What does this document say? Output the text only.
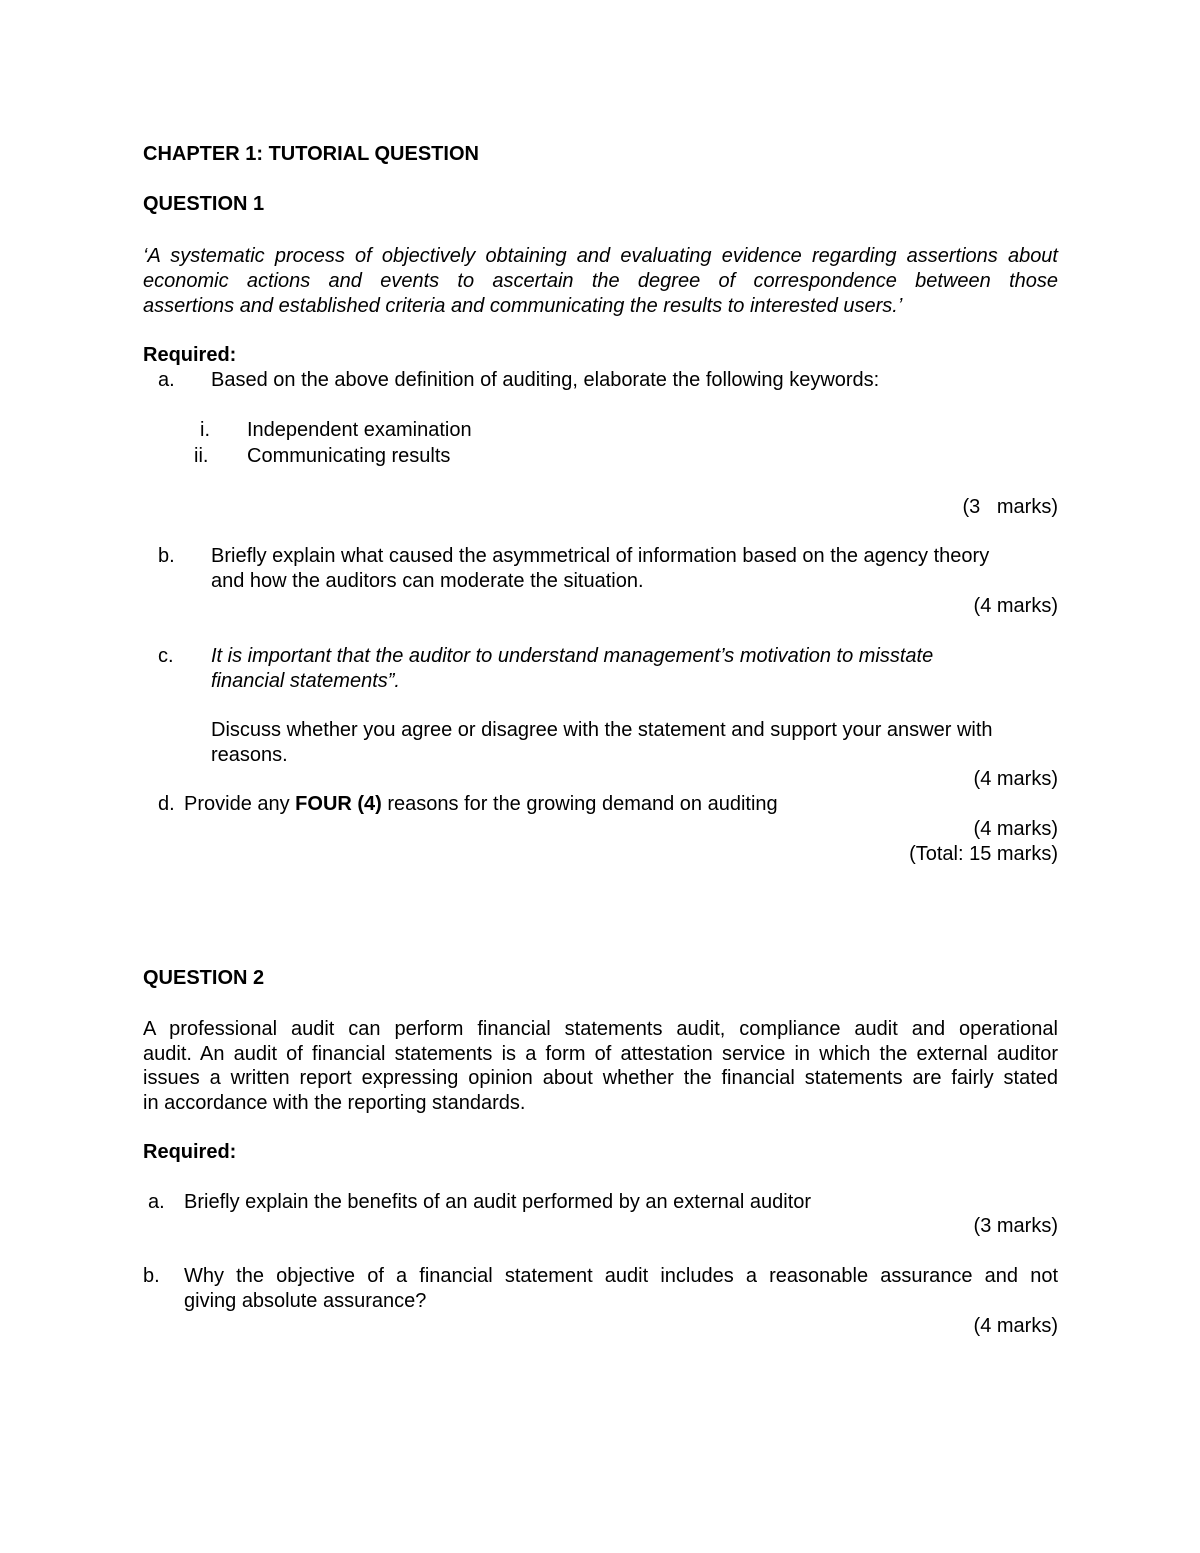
CHAPTER 1: TUTORIAL QUESTION
QUESTION 1
‘A systematic process of objectively obtaining and evaluating evidence regarding assertions about
economic actions and events to ascertain the degree of correspondence between those
assertions and established criteria and communicating the results to interested users.’
Required:
a. Based on the above definition of auditing, elaborate the following keywords:
i. Independent examination
ii. Communicating results
(3   marks)
b. Briefly explain what caused the asymmetrical of information based on the agency theory
and how the auditors can moderate the situation.
(4 marks)
c. It is important that the auditor to understand management’s motivation to misstate
financial statements”.
Discuss whether you agree or disagree with the statement and support your answer with
reasons.
(4 marks)
d. Provide any FOUR (4) reasons for the growing demand on auditing
(4 marks)
(Total: 15 marks)
QUESTION 2
A professional audit can perform financial statements audit, compliance audit and operational
audit. An audit of financial statements is a form of attestation service in which the external auditor
issues a written report expressing opinion about whether the financial statements are fairly stated
in accordance with the reporting standards.
Required:
a. Briefly explain the benefits of an audit performed by an external auditor
(3 marks)
b. Why the objective of a financial statement audit includes a reasonable assurance and not
giving absolute assurance?
(4 marks)
